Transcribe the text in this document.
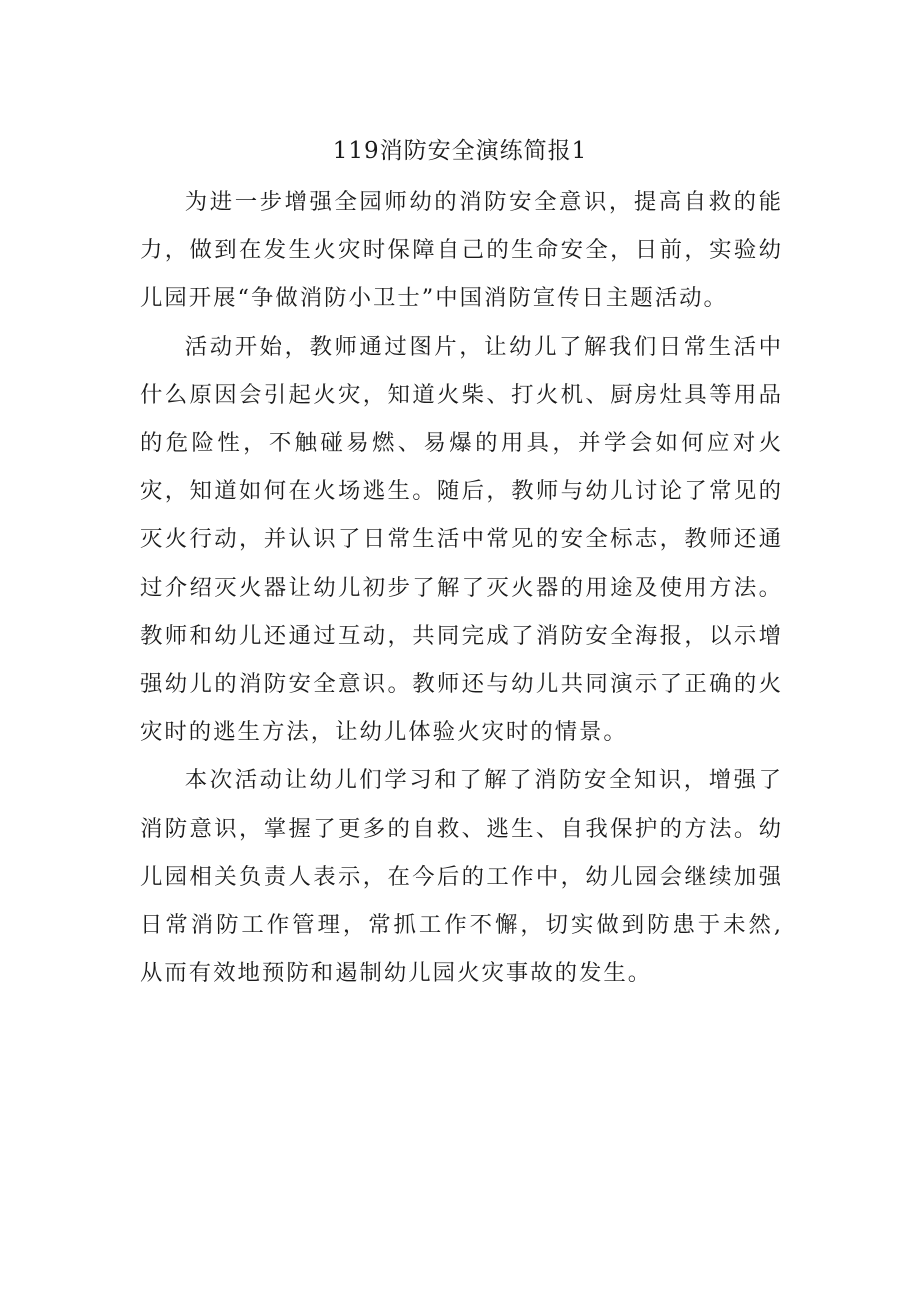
119消防安全演练简报1

为进一步增强全园师幼的消防安全意识，提高自救的能力，做到在发生火灾时保障自己的生命安全，日前，实验幼儿园开展“争做消防小卫士”中国消防宣传日主题活动。

活动开始，教师通过图片，让幼儿了解我们日常生活中什么原因会引起火灾，知道火柴、打火机、厨房灶具等用品的危险性，不触碰易燃、易爆的用具，并学会如何应对火灾，知道如何在火场逃生。随后，教师与幼儿讨论了常见的灭火行动，并认识了日常生活中常见的安全标志，教师还通过介绍灭火器让幼儿初步了解了灭火器的用途及使用方法。教师和幼儿还通过互动，共同完成了消防安全海报，以示增强幼儿的消防安全意识。教师还与幼儿共同演示了正确的火灾时的逃生方法，让幼儿体验火灾时的情景。

本次活动让幼儿们学习和了解了消防安全知识，增强了消防意识，掌握了更多的自救、逃生、自我保护的方法。幼儿园相关负责人表示，在今后的工作中，幼儿园会继续加强日常消防工作管理，常抓工作不懈，切实做到防患于未然,从而有效地预防和遏制幼儿园火灾事故的发生。
